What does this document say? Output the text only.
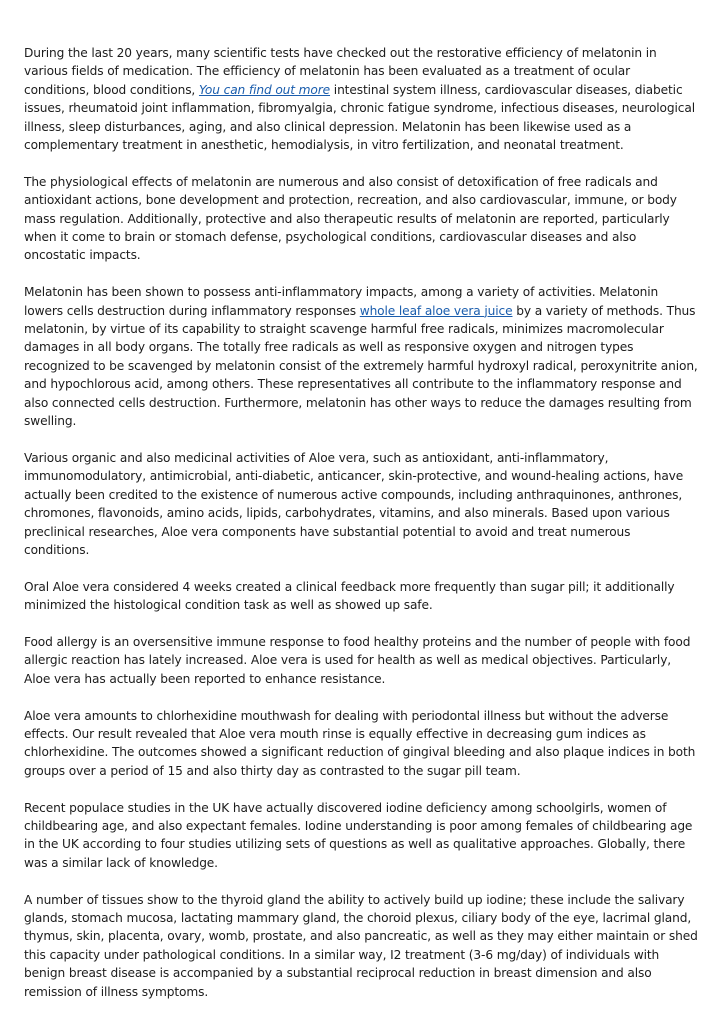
During the last 20 years, many scientific tests have checked out the restorative efficiency of melatonin in various fields of medication. The efficiency of melatonin has been evaluated as a treatment of ocular conditions, blood conditions, You can find out more intestinal system illness, cardiovascular diseases, diabetic issues, rheumatoid joint inflammation, fibromyalgia, chronic fatigue syndrome, infectious diseases, neurological illness, sleep disturbances, aging, and also clinical depression. Melatonin has been likewise used as a complementary treatment in anesthetic, hemodialysis, in vitro fertilization, and neonatal treatment.

The physiological effects of melatonin are numerous and also consist of detoxification of free radicals and antioxidant actions, bone development and protection, recreation, and also cardiovascular, immune, or body mass regulation. Additionally, protective and also therapeutic results of melatonin are reported, particularly when it come to brain or stomach defense, psychological conditions, cardiovascular diseases and also oncostatic impacts.

Melatonin has been shown to possess anti-inflammatory impacts, among a variety of activities. Melatonin lowers cells destruction during inflammatory responses whole leaf aloe vera juice by a variety of methods. Thus melatonin, by virtue of its capability to straight scavenge harmful free radicals, minimizes macromolecular damages in all body organs. The totally free radicals as well as responsive oxygen and nitrogen types recognized to be scavenged by melatonin consist of the extremely harmful hydroxyl radical, peroxynitrite anion, and hypochlorous acid, among others. These representatives all contribute to the inflammatory response and also connected cells destruction. Furthermore, melatonin has other ways to reduce the damages resulting from swelling.

Various organic and also medicinal activities of Aloe vera, such as antioxidant, anti-inflammatory, immunomodulatory, antimicrobial, anti-diabetic, anticancer, skin-protective, and wound-healing actions, have actually been credited to the existence of numerous active compounds, including anthraquinones, anthrones, chromones, flavonoids, amino acids, lipids, carbohydrates, vitamins, and also minerals. Based upon various preclinical researches, Aloe vera components have substantial potential to avoid and treat numerous conditions.

Oral Aloe vera considered 4 weeks created a clinical feedback more frequently than sugar pill; it additionally minimized the histological condition task as well as showed up safe.

Food allergy is an oversensitive immune response to food healthy proteins and the number of people with food allergic reaction has lately increased. Aloe vera is used for health as well as medical objectives. Particularly, Aloe vera has actually been reported to enhance resistance.

Aloe vera amounts to chlorhexidine mouthwash for dealing with periodontal illness but without the adverse effects. Our result revealed that Aloe vera mouth rinse is equally effective in decreasing gum indices as chlorhexidine. The outcomes showed a significant reduction of gingival bleeding and also plaque indices in both groups over a period of 15 and also thirty day as contrasted to the sugar pill team.

Recent populace studies in the UK have actually discovered iodine deficiency among schoolgirls, women of childbearing age, and also expectant females. Iodine understanding is poor among females of childbearing age in the UK according to four studies utilizing sets of questions as well as qualitative approaches. Globally, there was a similar lack of knowledge.

A number of tissues show to the thyroid gland the ability to actively build up iodine; these include the salivary glands, stomach mucosa, lactating mammary gland, the choroid plexus, ciliary body of the eye, lacrimal gland, thymus, skin, placenta, ovary, womb, prostate, and also pancreatic, as well as they may either maintain or shed this capacity under pathological conditions. In a similar way, I2 treatment (3-6 mg/day) of individuals with benign breast disease is accompanied by a substantial reciprocal reduction in breast dimension and also remission of illness symptoms.
